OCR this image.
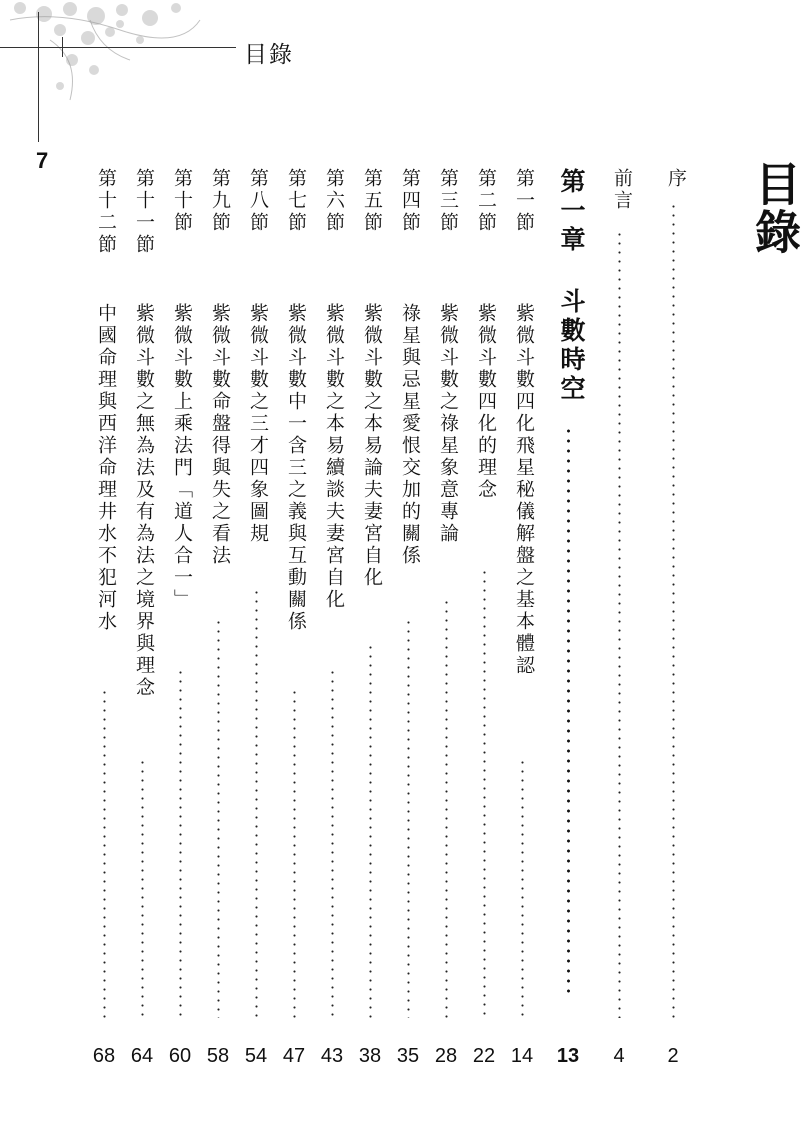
目錄
7	目錄
序
2
前言
4
第一章
斗數時空
13
第一節
紫微斗數四化飛星秘儀解盤之基本體認
14
第二節
紫微斗數四化的理念
22
第三節
紫微斗數之祿星象意專論
28
第四節
祿星與忌星愛恨交加的關係
35
第五節
紫微斗數之本易論夫妻宮自化
38
第六節
紫微斗數之本易續談夫妻宮自化
43
第七節
紫微斗數中一含三之義與互動關係
47
第八節
紫微斗數之三才四象圖規
54
第九節
紫微斗數命盤得與失之看法
58
第十節
紫微斗數上乘法門「道人合一」
60
第十一節
紫微斗數之無為法及有為法之境界與理念
64
第十二節
中國命理與西洋命理井水不犯河水
68
